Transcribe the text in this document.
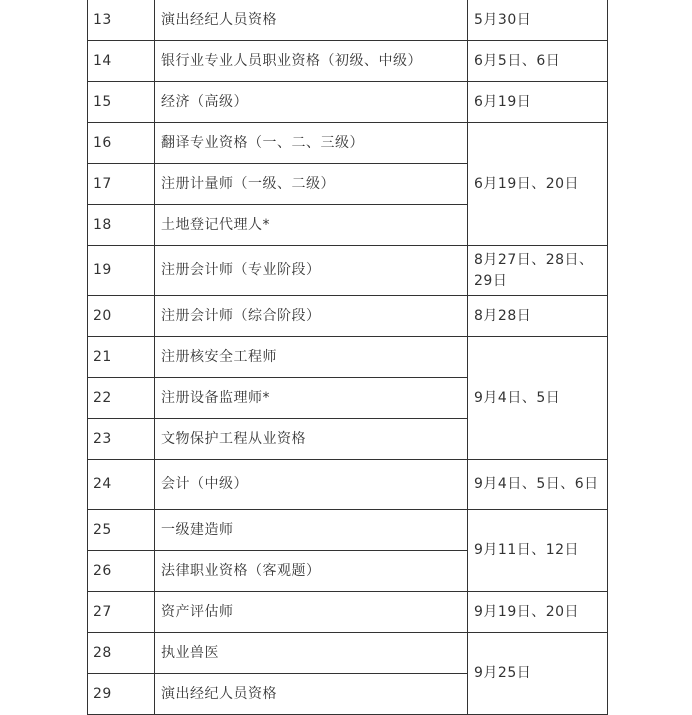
13	演出经纪人员资格	5月30日
14	银行业专业人员职业资格（初级、中级）	6月5日、6日
15	经济（高级）	6月19日
16	翻译专业资格（一、二、三级）	6月19日、20日
17	注册计量师（一级、二级）	
18	土地登记代理人*	
19	注册会计师（专业阶段）	8月27日、28日、29日
20	注册会计师（综合阶段）	8月28日
21	注册核安全工程师	9月4日、5日
22	注册设备监理师*	
23	文物保护工程从业资格	
24	会计（中级）	9月4日、5日、6日
25	一级建造师	9月11日、12日
26	法律职业资格（客观题）	
27	资产评估师	9月19日、20日
28	执业兽医	9月25日
29	演出经纪人员资格	
